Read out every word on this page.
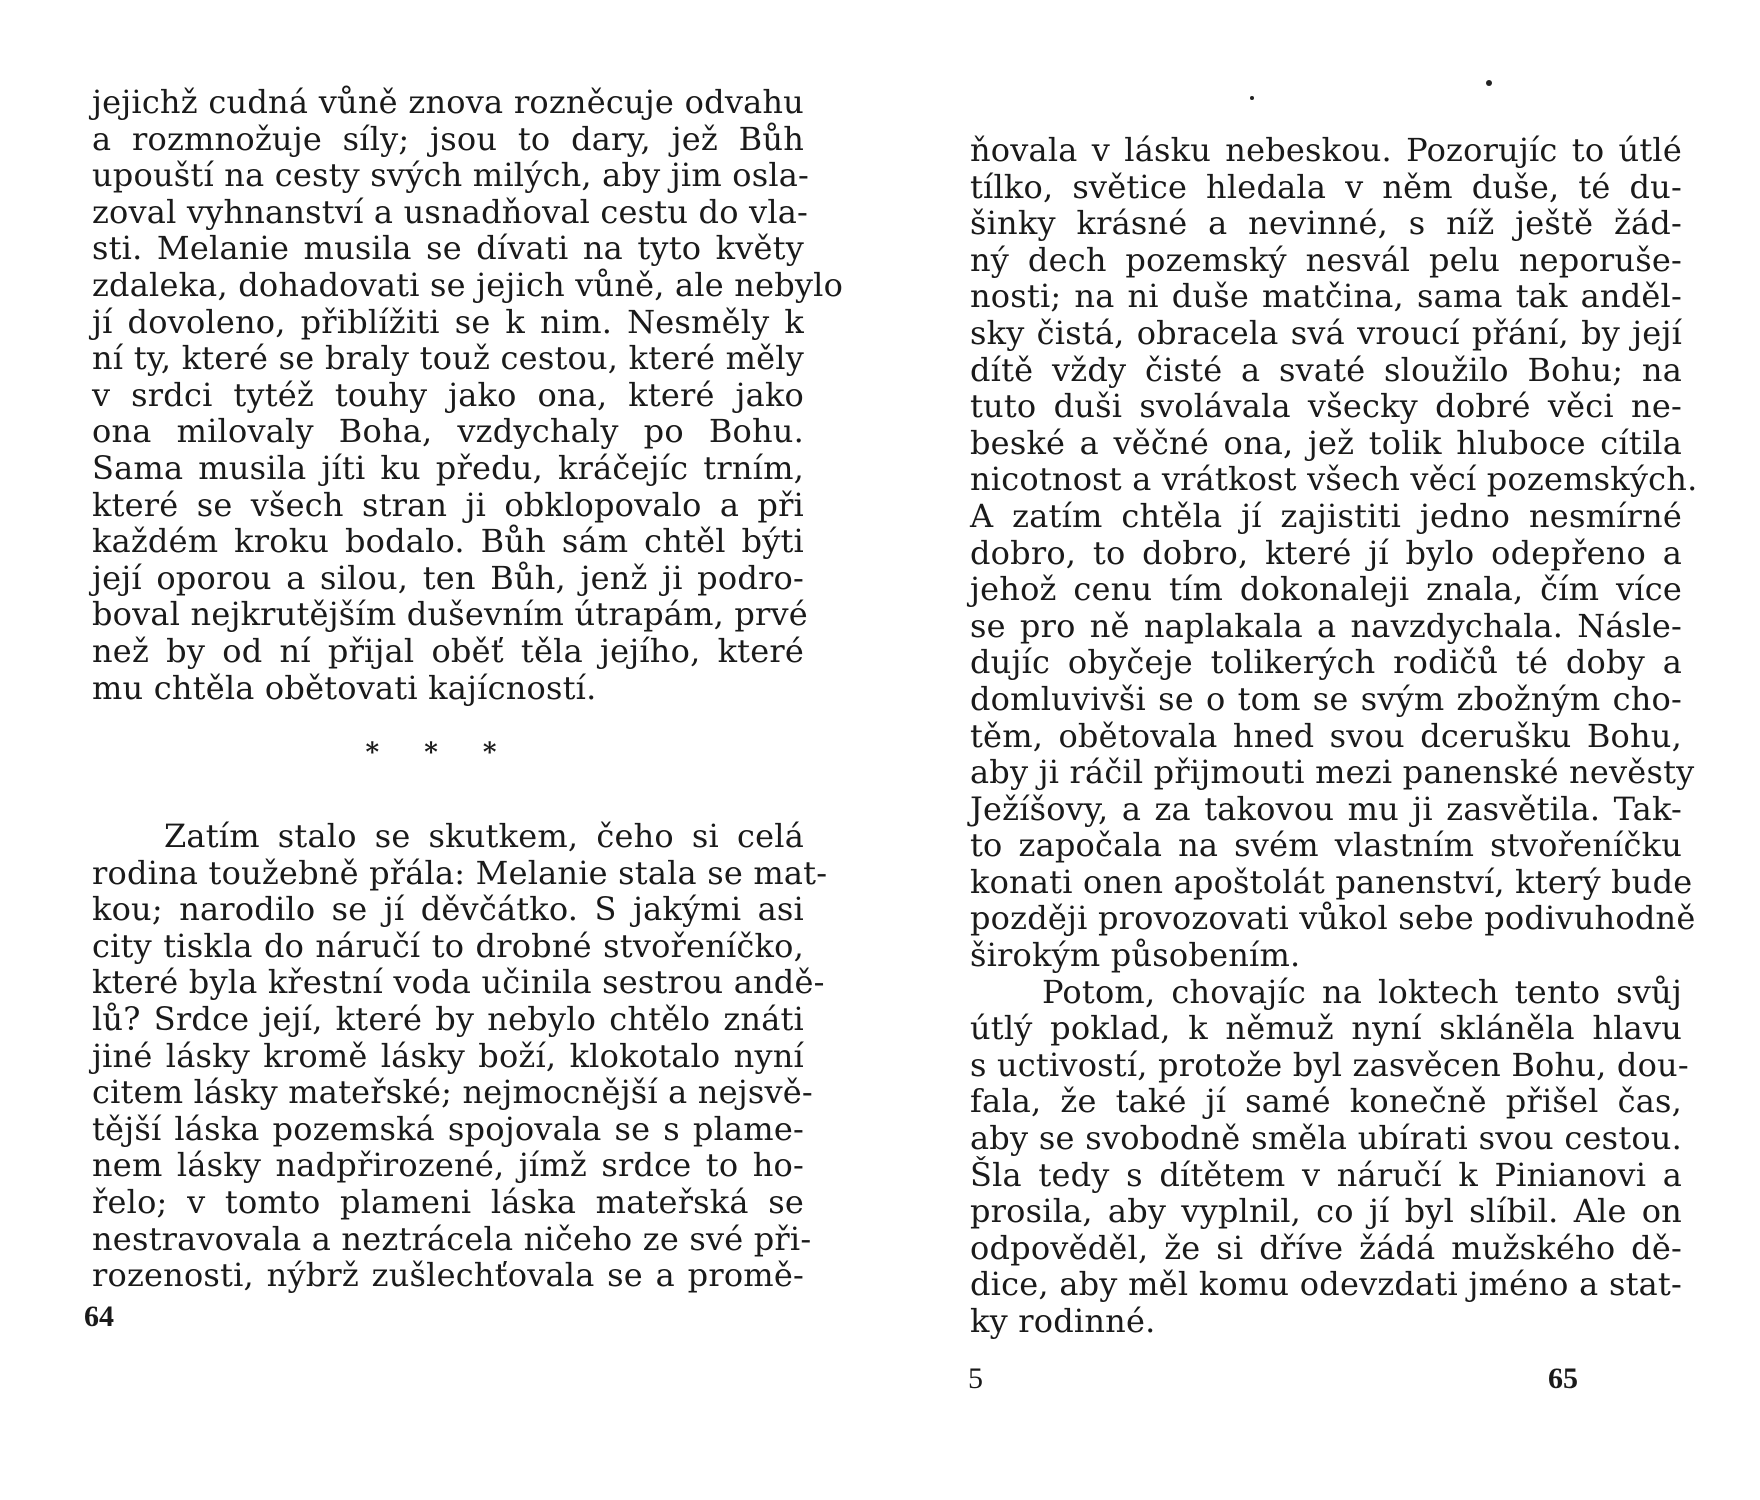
jejichž cudná vůně znova rozněcuje odvahu
a rozmnožuje síly; jsou to dary, jež Bůh
upouští na cesty svých milých, aby jim osla-
zoval vyhnanství a usnadňoval cestu do vla-
sti. Melanie musila se dívati na tyto květy
zdaleka, dohadovati se jejich vůně, ale nebylo
jí dovoleno, přiblížiti se k nim. Nesměly k
ní ty, které se braly touž cestou, které měly
v srdci tytéž touhy jako ona, které jako
ona milovaly Boha, vzdychaly po Bohu.
Sama musila jíti ku předu, kráčejíc trním,
které se všech stran ji obklopovalo a při
každém kroku bodalo. Bůh sám chtěl býti
její oporou a silou, ten Bůh, jenž ji podro-
boval nejkrutějším duševním útrapám, prvé
než by od ní přijal oběť těla jejího, které
mu chtěla obětovati kajícností.
* * *
Zatím stalo se skutkem, čeho si celá
rodina toužebně přála: Melanie stala se mat-
kou; narodilo se jí děvčátko. S jakými asi
city tiskla do náručí to drobné stvořeníčko,
které byla křestní voda učinila sestrou andě-
lů? Srdce její, které by nebylo chtělo znáti
jiné lásky kromě lásky boží, klokotalo nyní
citem lásky mateřské; nejmocnější a nejsvě-
tější láska pozemská spojovala se s plame-
nem lásky nadpřirozené, jímž srdce to ho-
řelo; v tomto plameni láska mateřská se
nestravovala a neztrácela ničeho ze své při-
rozenosti, nýbrž zušlechťovala se a promě-
64
ňovala v lásku nebeskou. Pozorujíc to útlé
tílko, světice hledala v něm duše, té du-
šinky krásné a nevinné, s níž ještě žád-
ný dech pozemský nesvál pelu neporuše-
nosti; na ni duše matčina, sama tak anděl-
sky čistá, obracela svá vroucí přání, by její
dítě vždy čisté a svaté sloužilo Bohu; na
tuto duši svolávala všecky dobré věci ne-
beské a věčné ona, jež tolik hluboce cítila
nicotnost a vrátkost všech věcí pozemských.
A zatím chtěla jí zajistiti jedno nesmírné
dobro, to dobro, které jí bylo odepřeno a
jehož cenu tím dokonaleji znala, čím více
se pro ně naplakala a navzdychala. Násle-
dujíc obyčeje tolikerých rodičů té doby a
domluvivši se o tom se svým zbožným cho-
těm, obětovala hned svou dcerušku Bohu,
aby ji ráčil přijmouti mezi panenské nevěsty
Ježíšovy, a za takovou mu ji zasvětila. Tak-
to započala na svém vlastním stvořeníčku
konati onen apoštolát panenství, který bude
později provozovati vůkol sebe podivuhodně
širokým působením.
Potom, chovajíc na loktech tento svůj
útlý poklad, k němuž nyní skláněla hlavu
s uctivostí, protože byl zasvěcen Bohu, dou-
fala, že také jí samé konečně přišel čas,
aby se svobodně směla ubírati svou cestou.
Šla tedy s dítětem v náručí k Pinianovi a
prosila, aby vyplnil, co jí byl slíbil. Ale on
odpověděl, že si dříve žádá mužského dě-
dice, aby měl komu odevzdati jméno a stat-
ky rodinné.
5	65
